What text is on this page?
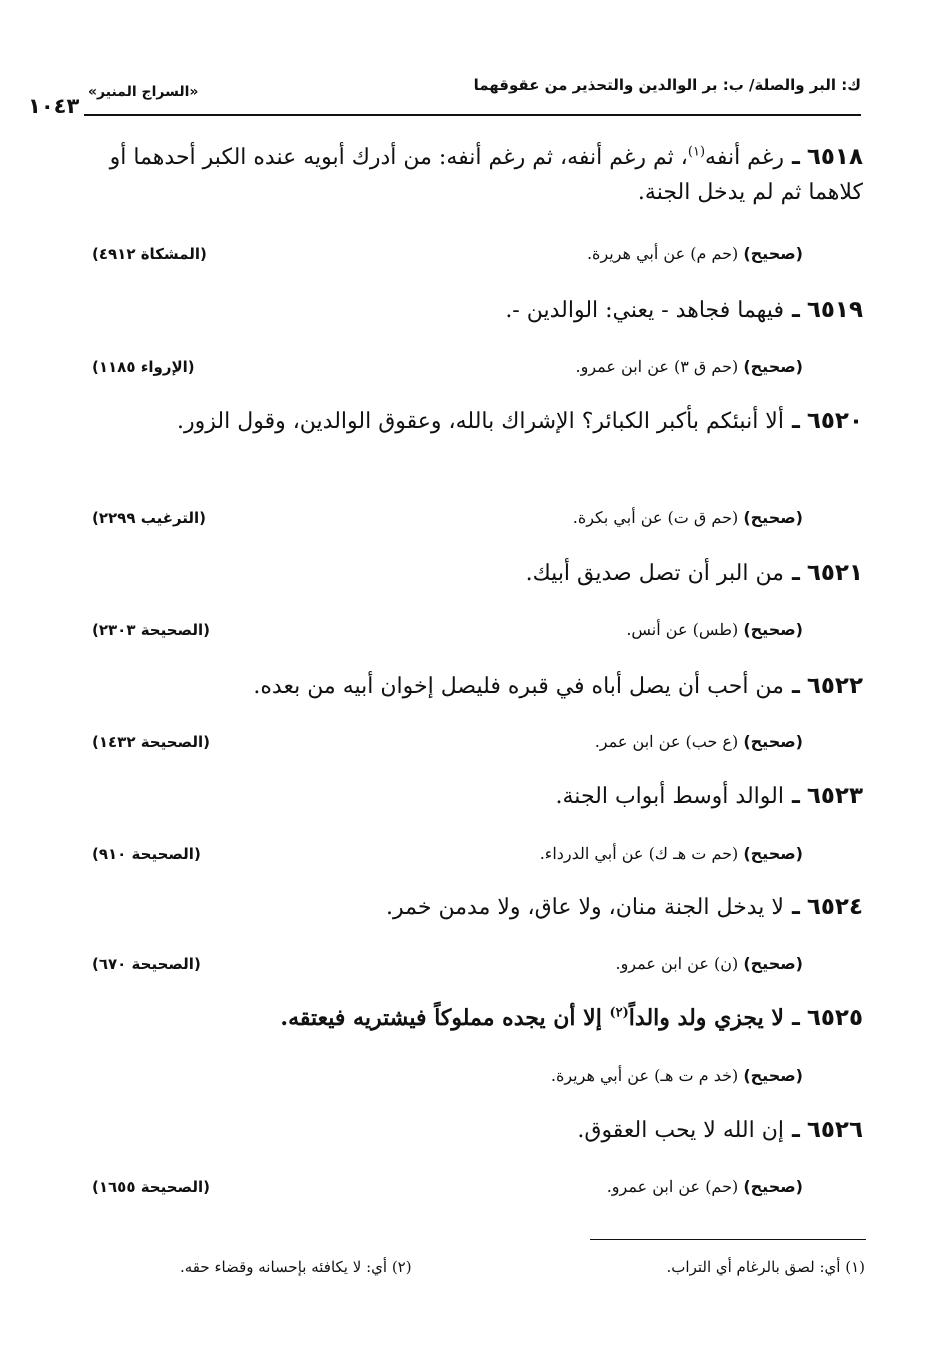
ك: البر والصلة/ ب: بر الوالدين والتحذير من عقوقهما
«السراج المنير»
١٠٤٣
٦٥١٨ ـ رغم أنفه$^{(١)}$، ثم رغم أنفه، ثم رغم أنفه: من أدرك أبويه عنده الكبر أحدهما أو كلاهما ثم لم يدخل الجنة.
(صحيح) (حم م) عن أبي هريرة.
(المشكاة ٤٩١٢)
٦٥١٩ ـ فيهما فجاهد - يعني: الوالدين -.
(صحيح) (حم ق ٣) عن ابن عمرو.
(الإرواء ١١٨٥)
٦٥٢٠ ـ ألا أنبئكم بأكبر الكبائر؟ الإشراك بالله، وعقوق الوالدين، وقول الزور.
(صحيح) (حم ق ت) عن أبي بكرة.
(الترغيب ٢٢٩٩)
٦٥٢١ ـ من البر أن تصل صديق أبيك.
(صحيح) (طس) عن أنس.
(الصحيحة ٢٣٠٣)
٦٥٢٢ ـ من أحب أن يصل أباه في قبره فليصل إخوان أبيه من بعده.
(صحيح) (ع حب) عن ابن عمر.
(الصحيحة ١٤٣٢)
٦٥٢٣ ـ الوالد أوسط أبواب الجنة.
(صحيح) (حم ت هـ ك) عن أبي الدرداء.
(الصحيحة ٩١٠)
٦٥٢٤ ـ لا يدخل الجنة منان، ولا عاق، ولا مدمن خمر.
(صحيح) (ن) عن ابن عمرو.
(الصحيحة ٦٧٠)
٦٥٢٥ ـ لا يجزي ولد والداً$^{(٢)}$ إلا أن يجده مملوكاً فيشتريه فيعتقه.
(صحيح) (خد م ت هـ) عن أبي هريرة.
٦٥٢٦ ـ إن الله لا يحب العقوق.
(صحيح) (حم) عن ابن عمرو.
(الصحيحة ١٦٥٥)
(١) أي: لصق بالرغام أي التراب.
(٢) أي: لا يكافئه بإحسانه وقضاء حقه.
